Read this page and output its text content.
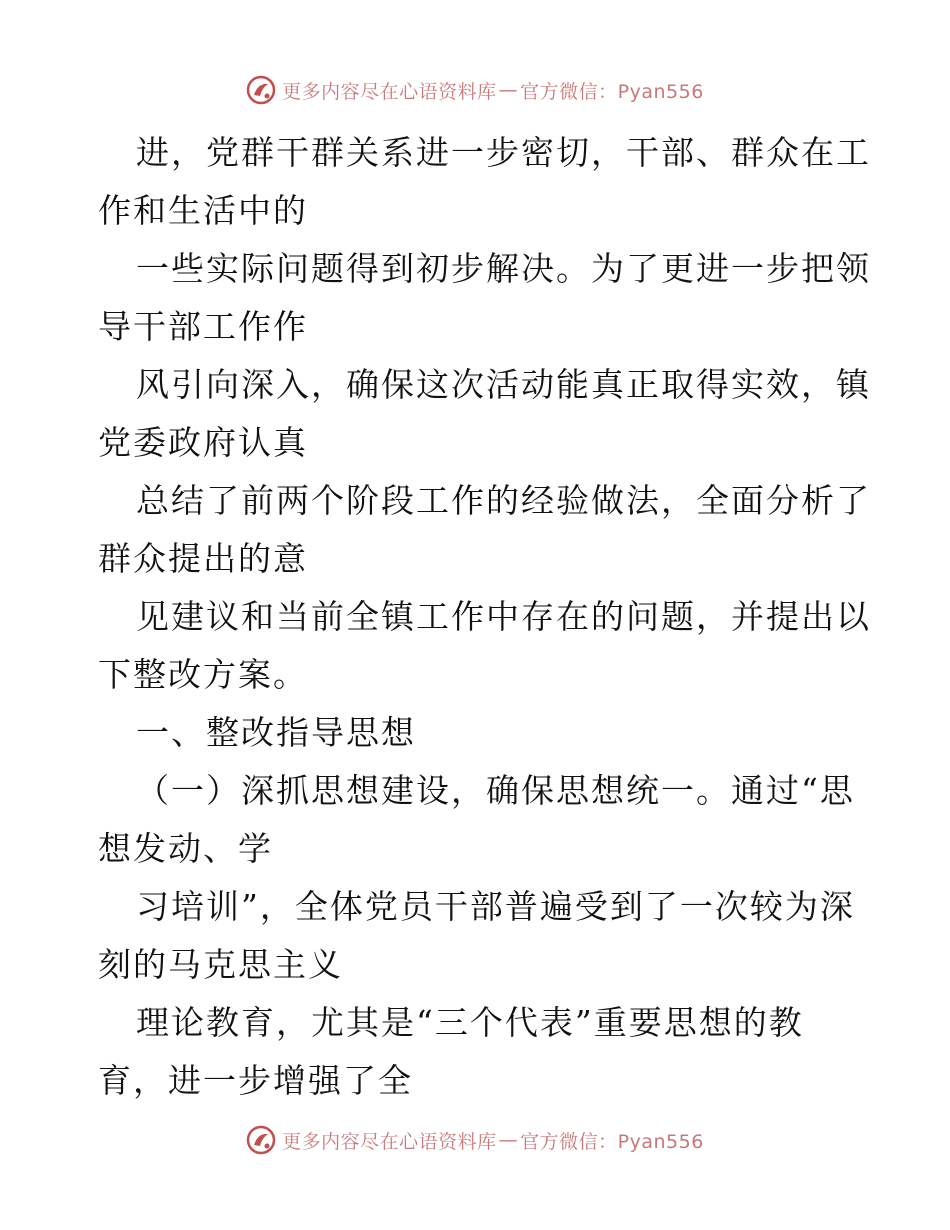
更多内容尽在心语资料库 — 官方微信：Pyan556
进，党群干群关系进一步密切，干部、群众在工
作和生活中的
一些实际问题得到初步解决。为了更进一步把领
导干部工作作
风引向深入，确保这次活动能真正取得实效，镇
党委政府认真
总结了前两个阶段工作的经验做法，全面分析了
群众提出的意
见建议和当前全镇工作中存在的问题，并提出以
下整改方案。
一、整改指导思想
（一）深抓思想建设，确保思想统一。通过“思
想发动、学
习培训”，全体党员干部普遍受到了一次较为深
刻的马克思主义
理论教育，尤其是“三个代表”重要思想的教
育，进一步增强了全
更多内容尽在心语资料库 — 官方微信：Pyan556
